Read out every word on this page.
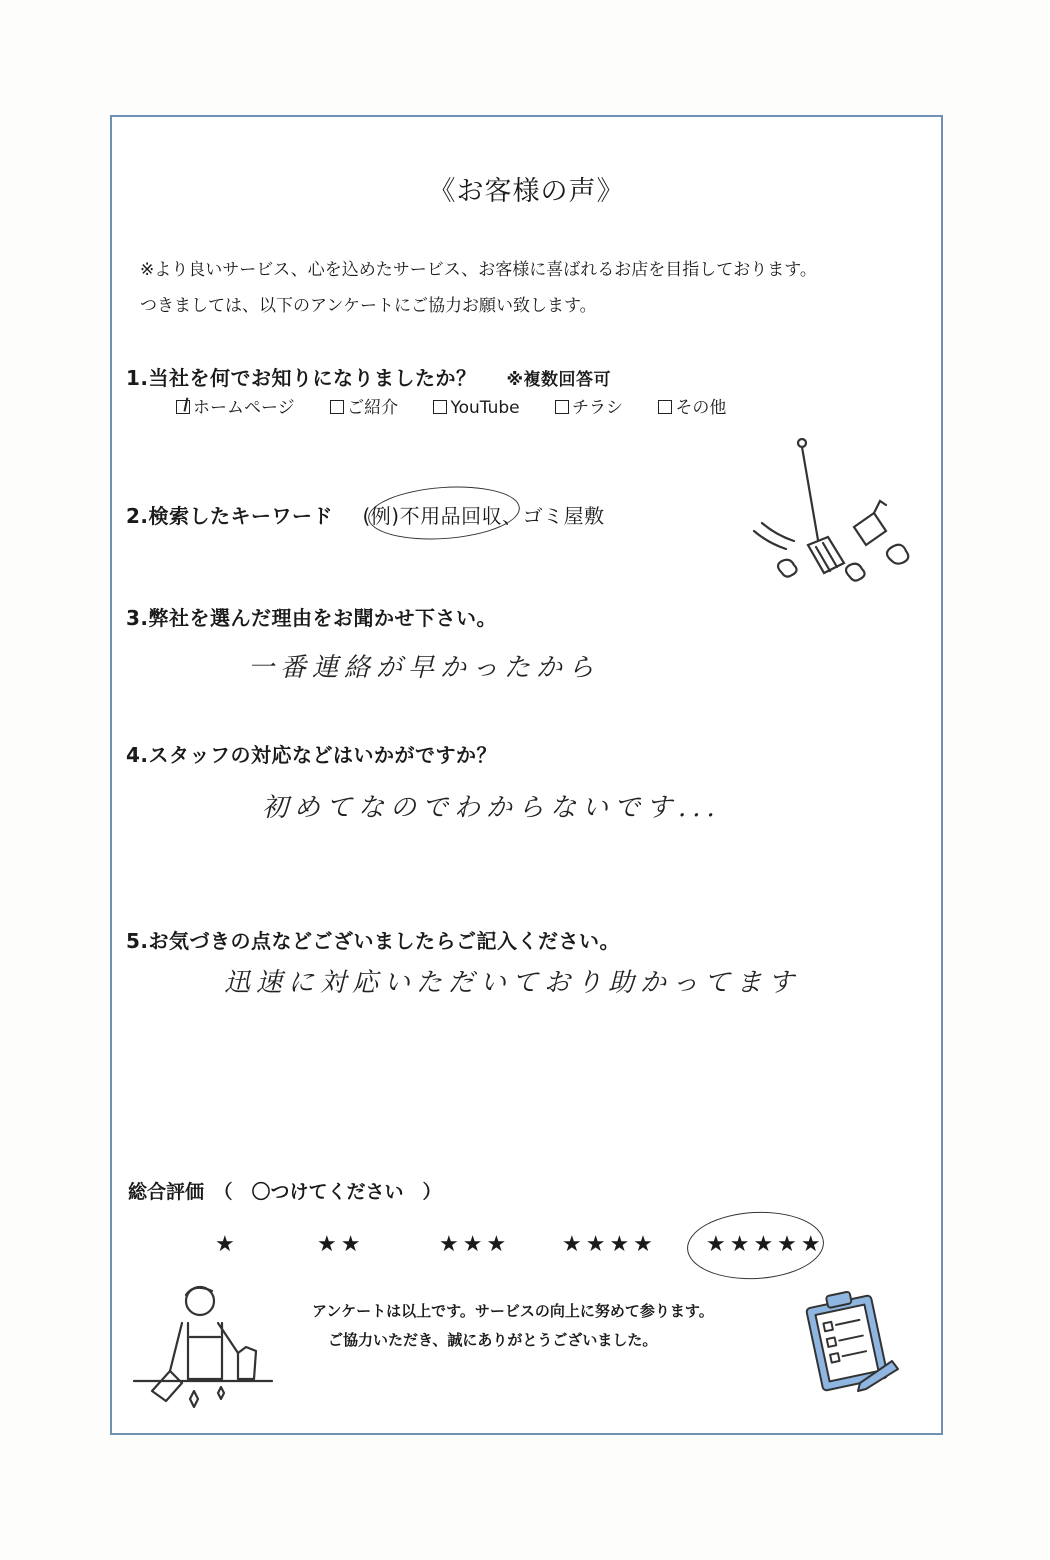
《お客様の声》
※より良いサービス、心を込めたサービス、お客様に喜ばれるお店を目指しております。
つきましては、以下のアンケートにご協力お願い致します。
1.当社を何でお知りになりましたか？ ※複数回答可
ホームページ	ご紹介	YouTube	チラシ	その他
2.検索したキーワード (例)不用品回収、ゴミ屋敷
3.弊社を選んだ理由をお聞かせ下さい。
一番連絡が早かったから
4.スタッフの対応などはいかがですか？
初めてなのでわからないです...
5.お気づきの点などございましたらご記入ください。
迅速に対応いただいており助かってます
総合評価　（　〇つけてください　）
★	★★	★★★ ★★★★ ★★★★★
アンケートは以上です。サービスの向上に努めて参ります。
ご協力いただき、誠にありがとうございました。
